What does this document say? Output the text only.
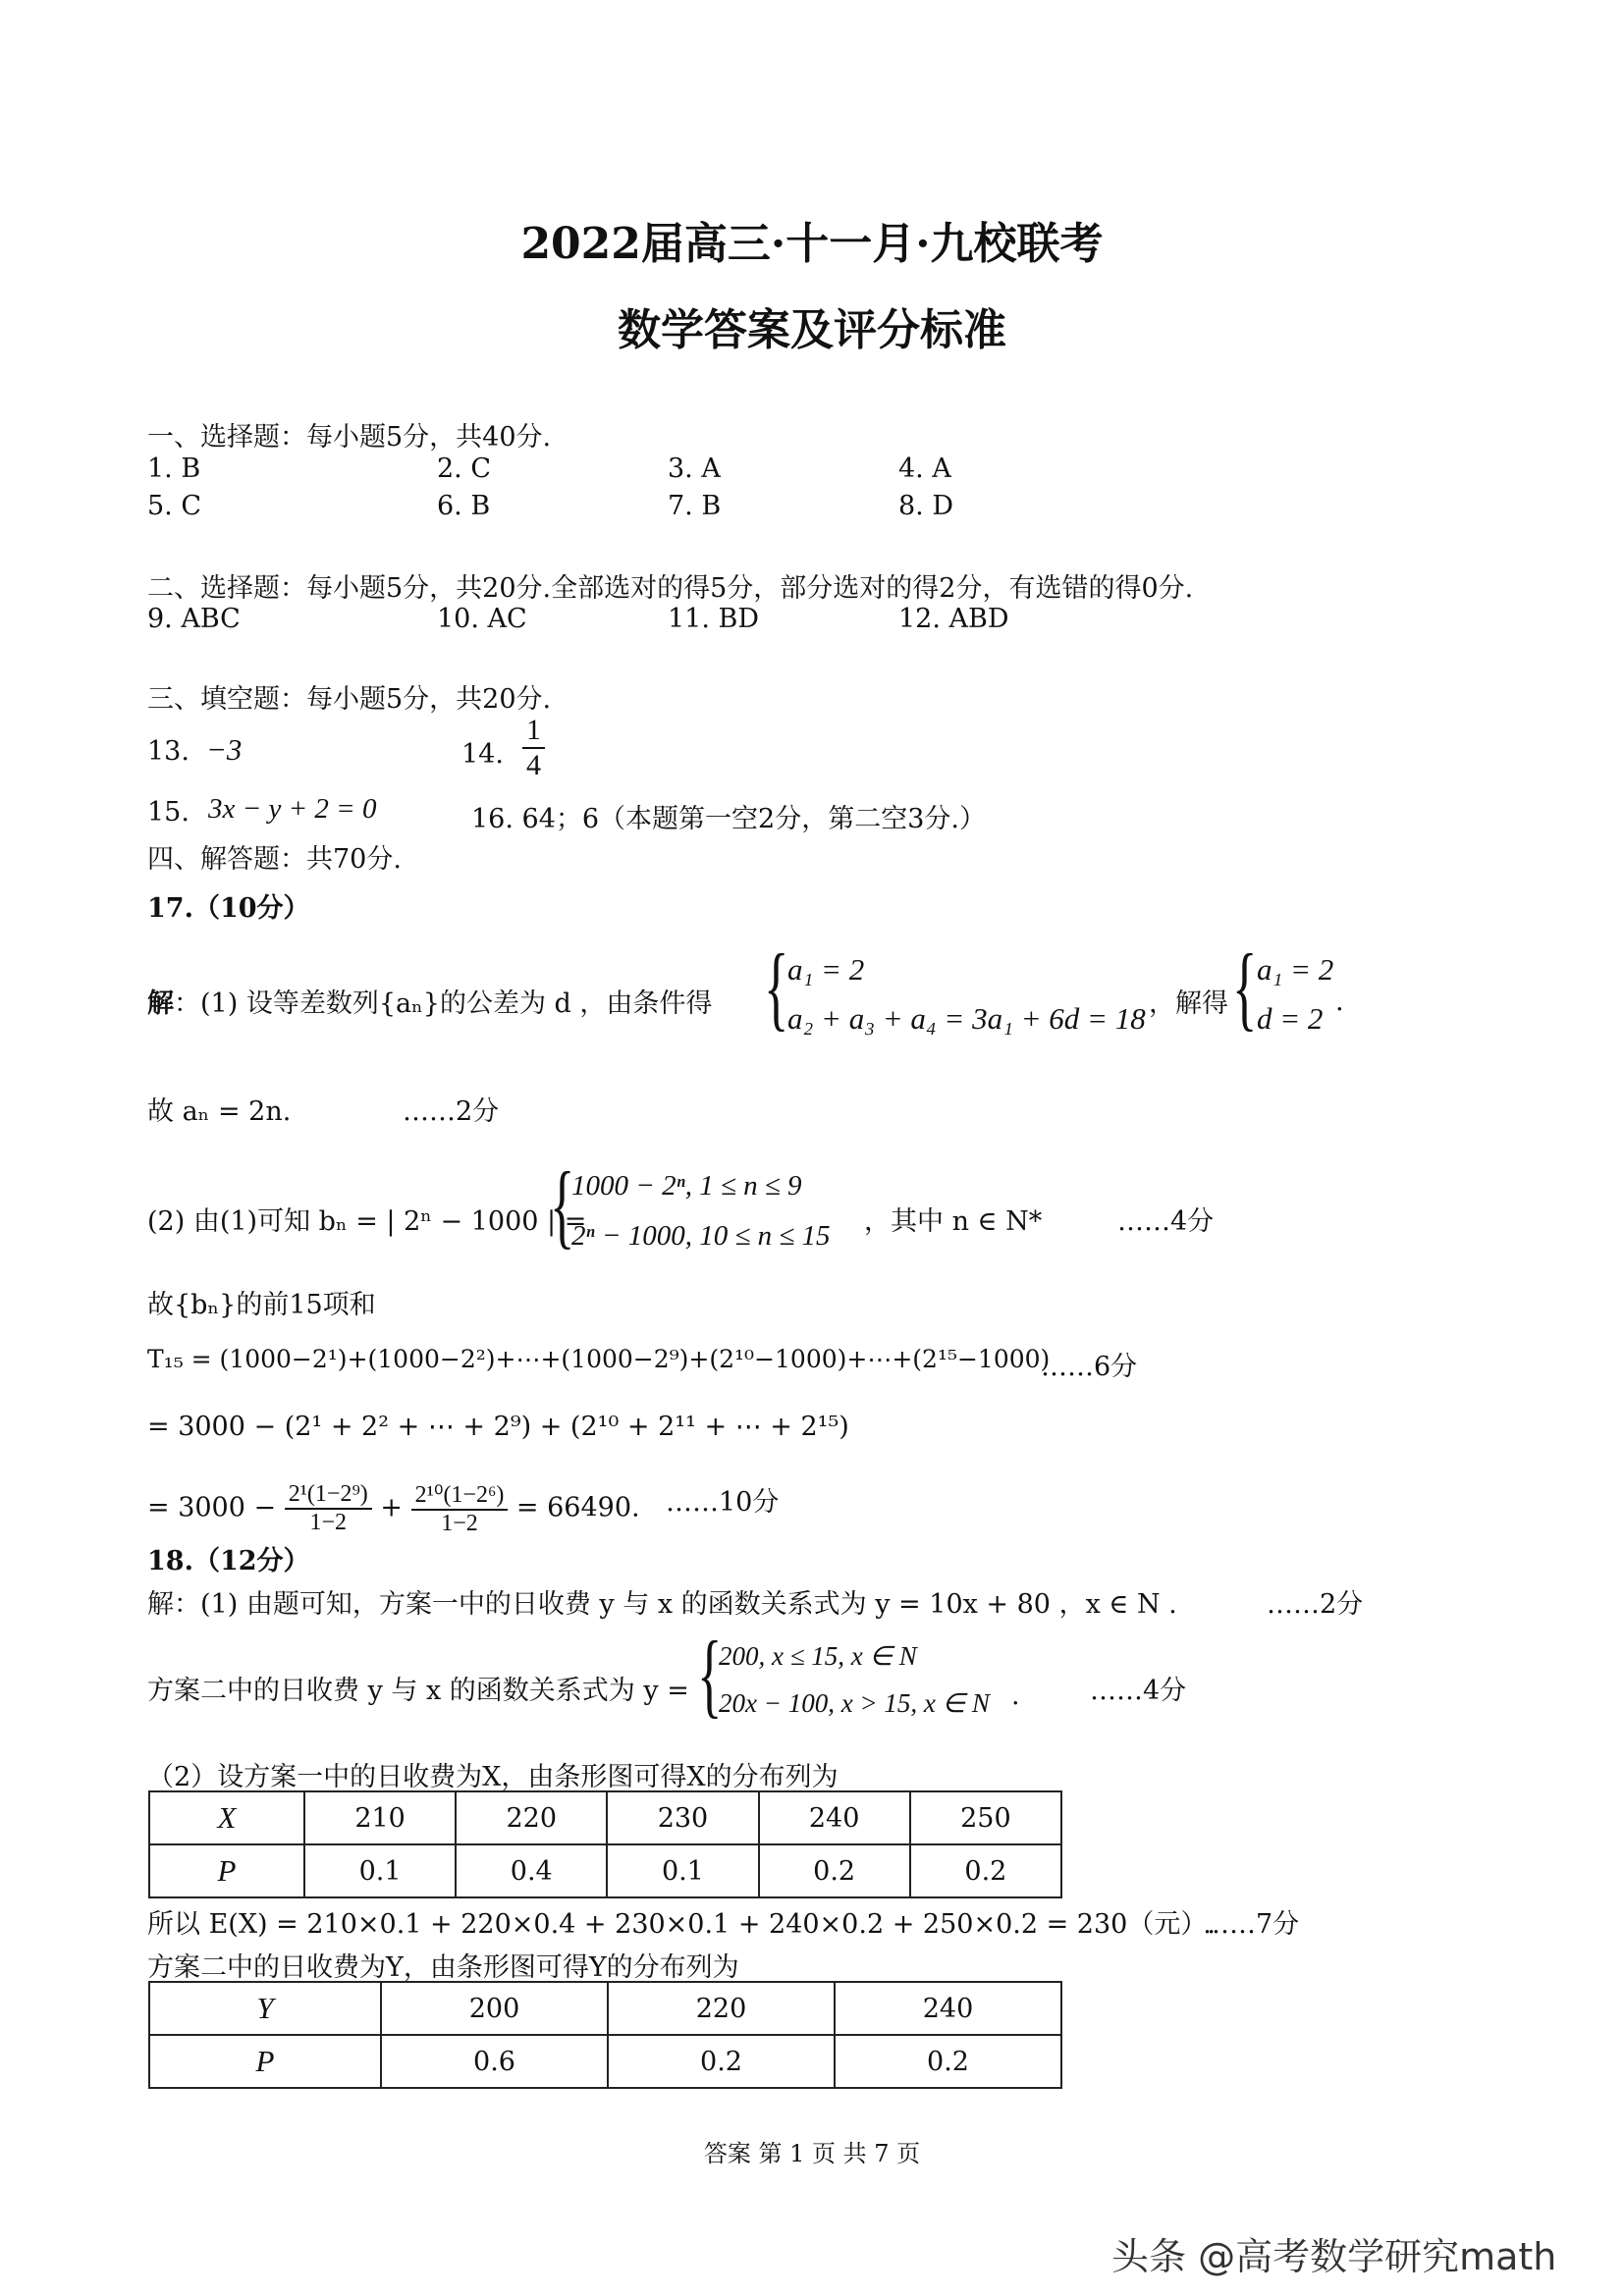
2022届高三·十一月·九校联考
数学答案及评分标准
一、选择题：每小题5分，共40分.
1. B	2. C	3. A	4. A
5. C	6. B	7. B	8. D
二、选择题：每小题5分，共20分.全部选对的得5分，部分选对的得2分，有选错的得0分.
9. ABC	10. AC	11. BD	12. ABD
三、填空题：每小题5分，共20分.
13. −3	14. $\frac{1}{4}$
15. 3x − y + 2 = 0	16. 64；6（本题第一空2分，第二空3分.）
四、解答题：共70分.
17.（10分）
解：(1) 设等差数列{aₙ}的公差为 d ，由条件得 {
a₁ = 2
a₂ + a₃ + a₄ = 3a₁ + 6d = 18 ，解得 { a₁ = 2
d = 2 .
故 aₙ = 2n.	……2分
(2) 由(1)可知 bₙ = | 2ⁿ − 1000 | =
{
1000 − 2ⁿ, 1 ≤ n ≤ 9
2ⁿ − 1000, 10 ≤ n ≤ 15 ，其中 n ∈ N*	……4分
故{bₙ}的前15项和
T₁₅ = (1000−2¹)+(1000−2²)+⋯+(1000−2⁹)+(2¹⁰−1000)+⋯+(2¹⁵−1000)
……6分
= 3000 − (2¹ + 2² + ⋯ + 2⁹) + (2¹⁰ + 2¹¹ + ⋯ + 2¹⁵)
= $3000 - \frac{\text{2¹(1−2⁹)}}{1-2} + \frac{\text{2¹⁰(1−2⁶)}}{1-2} = 66490$. ……10分
18.（12分）
解：(1) 由题可知，方案一中的日收费 y 与 x 的函数关系式为 y = 10x + 80 ，x ∈ N .	……2分
方案二中的日收费 y 与 x 的函数关系式为 y = {
200, x ≤ 15, x ∈ N
20x − 100, x > 15, x ∈ N .	……4分
（2）设方案一中的日收费为X，由条形图可得X的分布列为
X	210	220	230	240	250
P	0.1	0.4	0.1	0.2	0.2
所以 E(X) = 210×0.1 + 220×0.4 + 230×0.1 + 240×0.2 + 250×0.2 = 230（元）.
……7分
方案二中的日收费为Y，由条形图可得Y的分布列为
Y	200	220	240
P	0.6	0.2	0.2
答案 第 1 页 共 7 页
头条 @高考数学研究math
